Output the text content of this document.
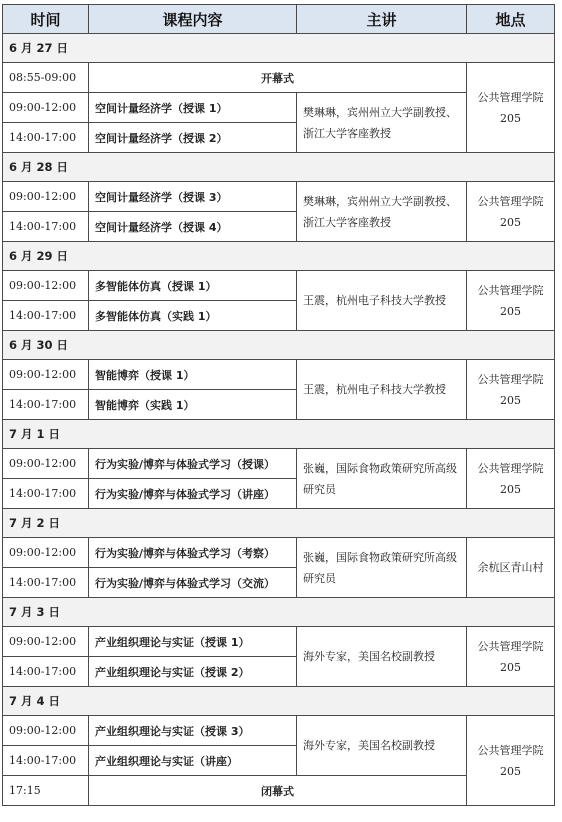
时间	课程内容	主讲	地点
6 月 27 日			
08:55-09:00	开幕式		公共管理学院 205
09:00-12:00	空间计量经济学（授课 1）	樊琳琳，宾州州立大学副教授、浙江大学客座教授	
14:00-17:00	空间计量经济学（授课 2）		
6 月 28 日			
09:00-12:00	空间计量经济学（授课 3）	樊琳琳，宾州州立大学副教授、浙江大学客座教授	公共管理学院 205
14:00-17:00	空间计量经济学（授课 4）		
6 月 29 日			
09:00-12:00	多智能体仿真（授课 1）	王震，杭州电子科技大学教授	公共管理学院 205
14:00-17:00	多智能体仿真（实践 1）		
6 月 30 日			
09:00-12:00	智能博弈（授课 1）	王震，杭州电子科技大学教授	公共管理学院 205
14:00-17:00	智能博弈（实践 1）		
7 月 1 日			
09:00-12:00	行为实验/博弈与体验式学习（授课）	张巍，国际食物政策研究所高级研究员	公共管理学院 205
14:00-17:00	行为实验/博弈与体验式学习（讲座）		
7 月 2 日			
09:00-12:00	行为实验/博弈与体验式学习（考察）	张巍，国际食物政策研究所高级研究员	余杭区青山村
14:00-17:00	行为实验/博弈与体验式学习（交流）		
7 月 3 日			
09:00-12:00	产业组织理论与实证（授课 1）	海外专家，美国名校副教授	公共管理学院 205
14:00-17:00	产业组织理论与实证（授课 2）		
7 月 4 日			
09:00-12:00	产业组织理论与实证（授课 3）	海外专家，美国名校副教授	公共管理学院 205
14:00-17:00	产业组织理论与实证（讲座）		
17:15	闭幕式		
